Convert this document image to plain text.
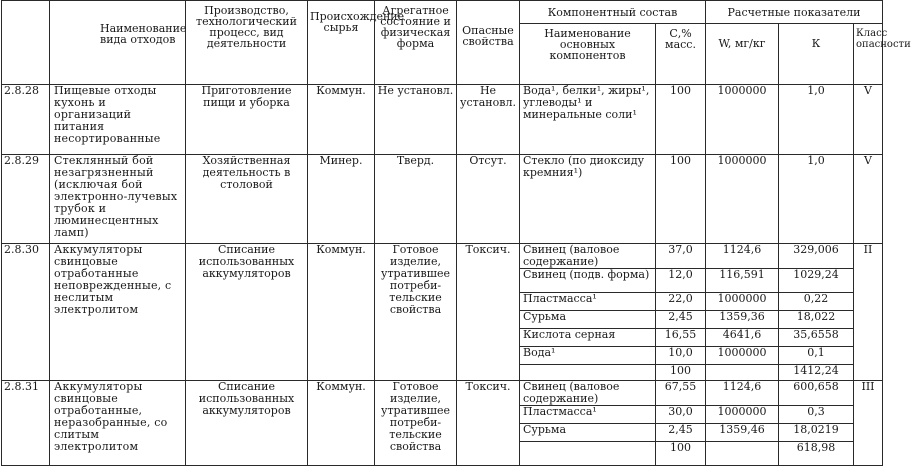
	Наименование вида отходов	Производство, технологический процесс, вид деятельности	Происхождение сырья	Агрегатное состояние и физическая форма	Опасные свойства	Компонентный состав		Расчетные показатели		
						Наименование основных компонентов	С,% масс.	W, мг/кг	К	Класс опасности
2.8.28	Пищевые отходы кухонь и организаций питания несортированные	Приготовление пищи и уборка	Коммун.	Не установл.	Не установл.	Вода¹, белки¹, жиры¹, углеводы¹ и минеральные соли¹	100	1000000	1,0	V
2.8.29	Стеклянный бой незагрязненный (исключая бой электронно-лучевых трубок и люминесцентных ламп)	Хозяйственная деятельность в столовой	Минер.	Тверд.	Отсут.	Стекло (по диоксиду кремния¹)	100	1000000	1,0	V
2.8.30	Аккумуляторы свинцовые отработанные неповрежденные, с неслитым электролитом	Списание использованных аккумуляторов	Коммун.	Готовое изделие, утратившее потреби-тельские свойства	Токсич.	Свинец (валовое содержание)	37,0	1124,6	329,006	II
						Свинец (подв. форма)	12,0	116,591	1029,24	
						Пластмасса¹	22,0	1000000	0,22	
						Сурьма	2,45	1359,36	18,022	
						Кислота серная	16,55	4641,6	35,6558	
						Вода¹	10,0	1000000	0,1	
							100		1412,24	
2.8.31	Аккумуляторы свинцовые отработанные, неразобранные, со слитым электролитом	Списание использованных аккумуляторов	Коммун.	Готовое изделие, утратившее потреби-тельские свойства	Токсич.	Свинец (валовое содержание)	67,55	1124,6	600,658	III
						Пластмасса¹	30,0	1000000	0,3	
						Сурьма	2,45	1359,46	18,0219	
							100		618,98	
